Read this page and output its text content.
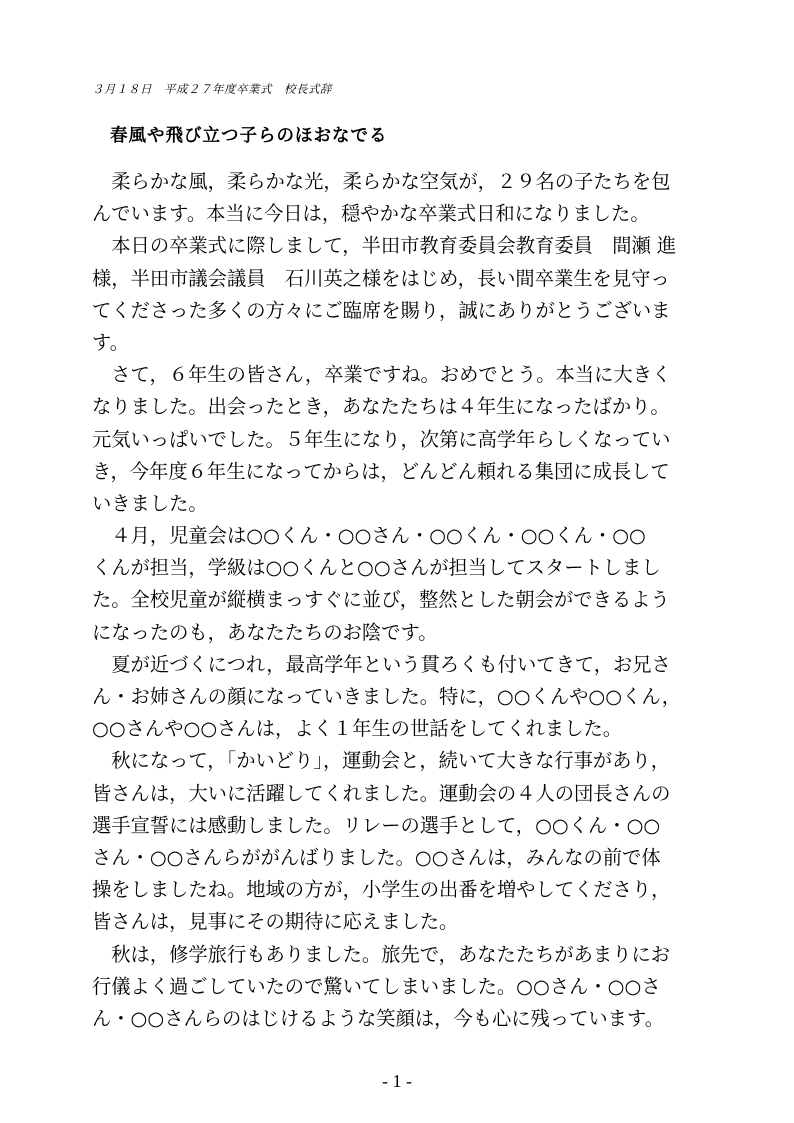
３月１８日　平成２７年度卒業式　校長式辞
春風や飛び立つ子らのほおなでる
　柔らかな風，柔らかな光，柔らかな空気が，２９名の子たちを包
んでいます。本当に今日は，穏やかな卒業式日和になりました。
　本日の卒業式に際しまして，半田市教育委員会教育委員　間瀬 進
様，半田市議会議員　石川英之様をはじめ，長い間卒業生を見守っ
てくださった多くの方々にご臨席を賜り，誠にありがとうございま
す。
　さて，６年生の皆さん，卒業ですね。おめでとう。本当に大きく
なりました。出会ったとき，あなたたちは４年生になったばかり。
元気いっぱいでした。５年生になり，次第に高学年らしくなってい
き，今年度６年生になってからは，どんどん頼れる集団に成長して
いきました。
　４月，児童会は○○くん・○○さん・○○くん・○○くん・○○
くんが担当，学級は○○くんと○○さんが担当してスタートしまし
た。全校児童が縦横まっすぐに並び，整然とした朝会ができるよう
になったのも，あなたたちのお陰です。
　夏が近づくにつれ，最高学年という貫ろくも付いてきて，お兄さ
ん・お姉さんの顔になっていきました。特に，○○くんや○○くん，
○○さんや○○さんは，よく１年生の世話をしてくれました。
　秋になって，「かいどり」，運動会と，続いて大きな行事があり，
皆さんは，大いに活躍してくれました。運動会の４人の団長さんの
選手宣誓には感動しました。リレーの選手として，○○くん・○○
さん・○○さんらががんばりました。○○さんは，みんなの前で体
操をしましたね。地域の方が，小学生の出番を増やしてくださり，
皆さんは，見事にその期待に応えました。
　秋は，修学旅行もありました。旅先で，あなたたちがあまりにお
行儀よく過ごしていたので驚いてしまいました。○○さん・○○さ
ん・○○さんらのはじけるような笑顔は，今も心に残っています。
- 1 -
